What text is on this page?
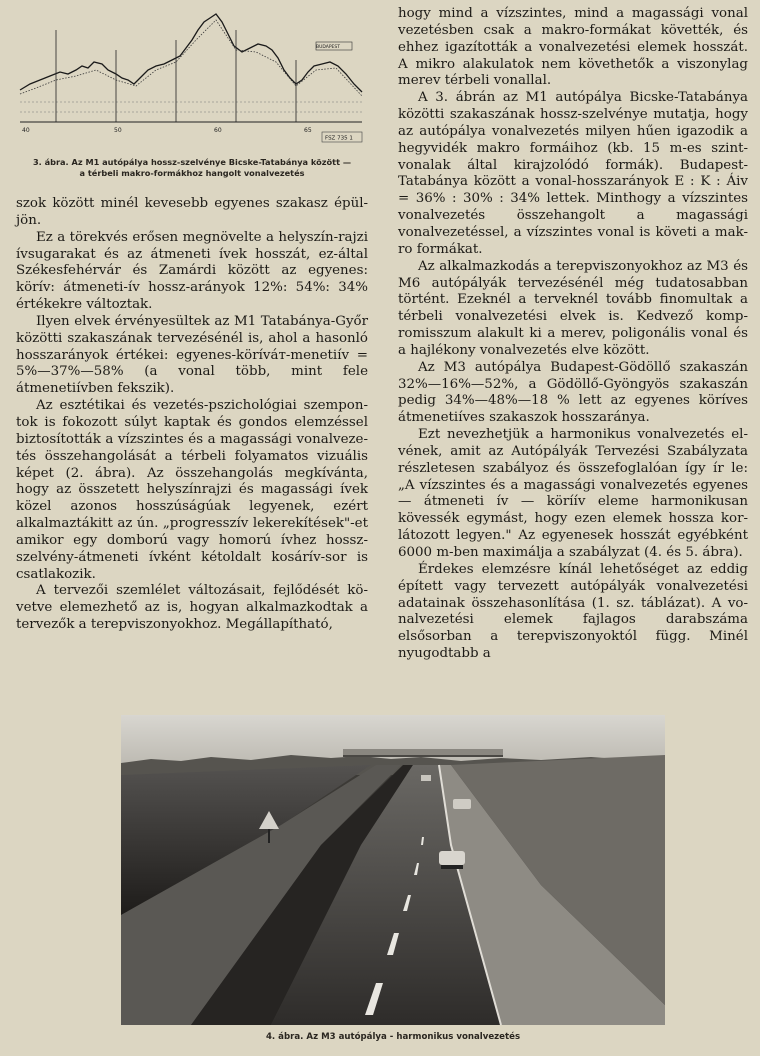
40	50	60	65
BUDAPEST
FSZ 735 1
3. ábra. Az M1 autópálya hossz-szelvénye Bicske-Tatabánya között —
a térbeli makro-formákhoz hangolt vonalvezetés

szok között minél kevesebb egyenes szakasz épül-jön.

Ez a törekvés erősen megnövelte a helyszín-rajzi ívsugarakat és az átmeneti ívek hosszát, ez-által Székesfehérvár és Zamárdi között az egyenes: körív: átmeneti-ív hossz-arányok 12%: 54%: 34% értékekre változtak.

Ilyen elvek érvényesültek az M1 Tatabánya-Győr közötti szakaszának tervezésénél is, ahol a hasonló hosszarányok értékei: egyenes-köríváт-menetiív = 5%—37%—58% (a vonal több, mint fele átmenetiívben fekszik).

Az esztétikai és vezetés-pszichológiai szempon-tok is fokozott súlyt kaptak és gondos elemzéssel biztosították a vízszintes és a magassági vonalveze-tés összehangolását a térbeli folyamatos vizuális képet (2. ábra). Az összehangolás megkívánta, hogy az összetett helyszínrajzi és magassági ívek közel azonos hosszúságúak legyenek, ezért alkalmaztákitt az ún. „progresszív lekerekítések"-et amikor egy domború vagy homorú ívhez hossz-szelvény-átmeneti ívként kétoldalt kosárív-sor is csatlakozik.

A tervezői szemlélet változásait, fejlődését kö-vetve elemezhető az is, hogyan alkalmazkodtak a tervezők a terepviszonyokhoz. Megállapítható,

hogy mind a vízszintes, mind a magassági vonal vezetésben csak a makro-formákat követték, és ehhez igazították a vonalvezetési elemek hosszát. A mikro alakulatok nem követhetők a viszonylag merev térbeli vonallal.

A 3. ábrán az M1 autópálya Bicske-Tatabánya közötti szakaszának hossz-szelvénye mutatja, hogy az autópálya vonalvezetés milyen hűen igazodik a hegyvidék makro formáihoz (kb. 15 m-es szint-vonalak által kirajzolódó formák). Budapest-Tatabánya között a vonal-hosszarányok E : K : Áiv = 36% : 30% : 34% lettek. Minthogy a vízszintes vonalvezetés összehangolt a magassági vonalvezetéssel, a vízszintes vonal is követi a mak-ro formákat.

Az alkalmazkodás a terepviszonyokhoz az M3 és M6 autópályák tervezésénél még tudatosabban történt. Ezeknél a terveknél tovább finomultak a térbeli vonalvezetési elvek is. Kedvező komp-romisszum alakult ki a merev, poligonális vonal és a hajlékony vonalvezetés elve között.

Az M3 autópálya Budapest-Gödöllő szakaszán 32%—16%—52%, a Gödöllő-Gyöngyös szakaszán pedig 34%—48%—18 % lett az egyenes köríves átmenetiíves szakaszok hosszaránya.

Ezt nevezhetjük a harmonikus vonalvezetés el-vének, amit az Autópályák Tervezési Szabályzata részletesen szabályoz és összefoglalóan így ír le: „A vízszintes és a magassági vonalvezetés egyenes — átmeneti ív — köríív eleme harmonikusan kövessék egymást, hogy ezen elemek hossza kor-látozott legyen." Az egyenesek hosszát egyébként 6000 m-ben maximálja a szabályzat (4. és 5. ábra).

Érdekes elemzésre kínál lehetőséget az eddig épített vagy tervezett autópályák vonalvezetési adatainak összehasonlítása (1. sz. táblázat). A vo-nalvezetési elemek fajlagos darabszáma elsősorban a terepviszonyoktól függ. Minél nyugodtabb a

4. ábra. Az M3 autópálya - harmonikus vonalvezetés
